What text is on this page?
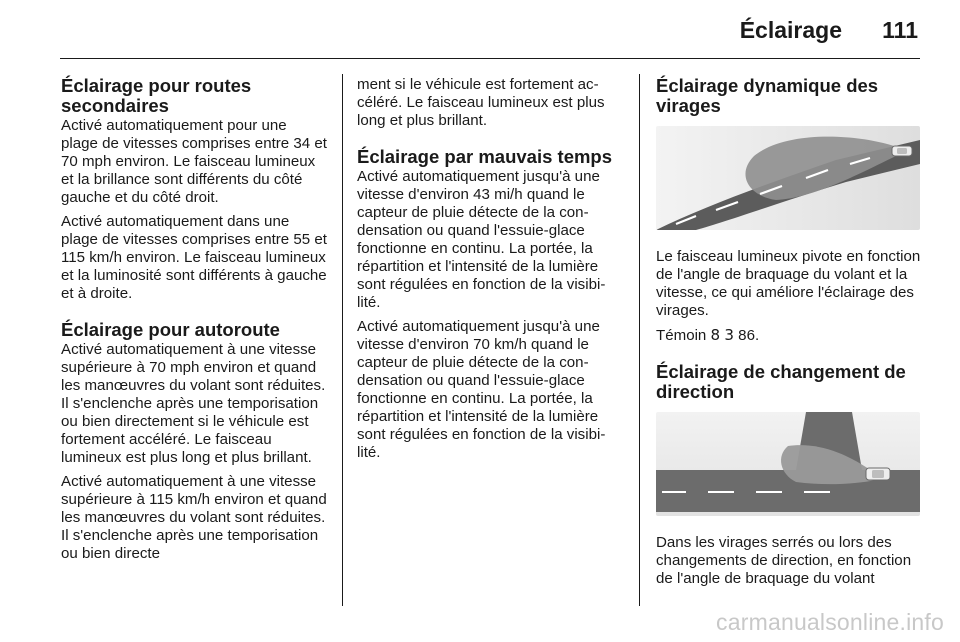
Éclairage 111
Éclairage pour routes secondaires

Activé automatiquement pour une plage de vitesses comprises entre 34 et 70 mph environ. Le faisceau lumineux et la brillance sont différents du côté gauche et du côté droit.

Activé automatiquement dans une plage de vitesses comprises entre 55 et 115 km/h environ. Le faisceau lumineux et la luminosité sont différents à gauche et à droite.

Éclairage pour autoroute

Activé automatiquement à une vitesse supérieure à 70 mph environ et quand les manœuvres du volant sont réduites. Il s'enclenche après une temporisation ou bien directement si le véhicule est fortement accéléré. Le faisceau lumineux est plus long et plus brillant.

Activé automatiquement à une vitesse supérieure à 115 km/h environ et quand les manœuvres du volant sont réduites. Il s'enclenche après une temporisation ou bien directe

ment si le véhicule est fortement accéléré. Le faisceau lumineux est plus long et plus brillant.

Éclairage par mauvais temps

Activé automatiquement jusqu'à une vitesse d'environ 43 mi/h quand le capteur de pluie détecte de la condensation ou quand l'essuie-glace fonctionne en continu. La portée, la répartition et l'intensité de la lumière sont régulées en fonction de la visibilité.

Activé automatiquement jusqu'à une vitesse d'environ 70 km/h quand le capteur de pluie détecte de la condensation ou quand l'essuie-glace fonctionne en continu. La portée, la répartition et l'intensité de la lumière sont régulées en fonction de la visibilité.

Éclairage dynamique des virages

Le faisceau lumineux pivote en fonction de l'angle de braquage du volant et la vitesse, ce qui améliore l'éclairage des virages.

Témoin 8 3 86.

Éclairage de changement de direction

Dans les virages serrés ou lors des changements de direction, en fonction de l'angle de braquage du volant

carmanualsonline.info
